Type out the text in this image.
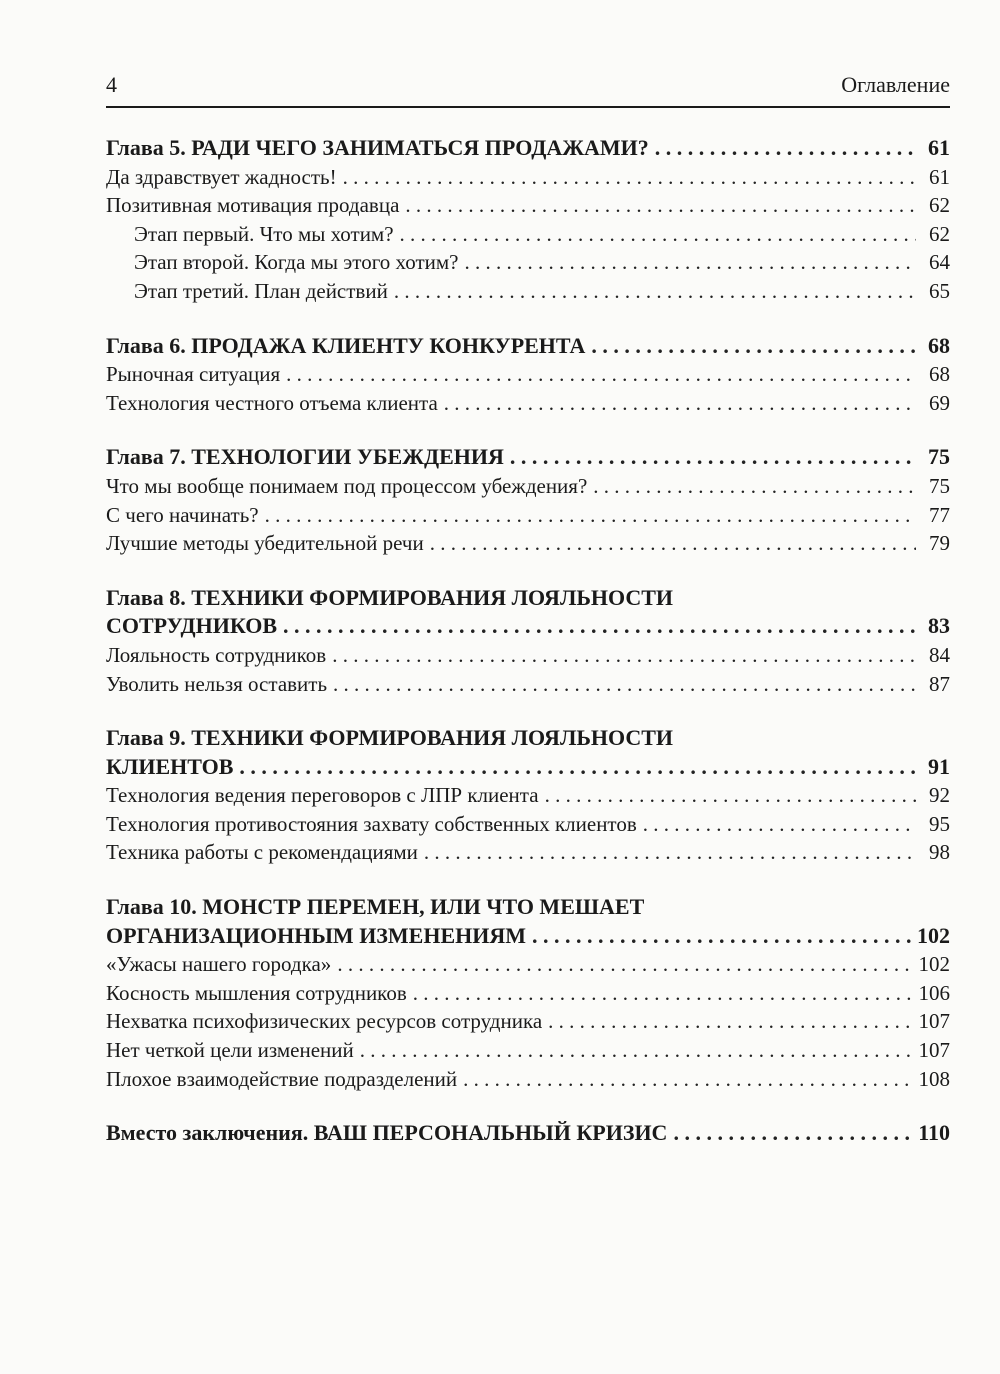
4	Оглавление
Глава 5. РАДИ ЧЕГО ЗАНИМАТЬСЯ ПРОДАЖАМИ? . . .	61
Да здравствует жадность! . . .	61
Позитивная мотивация продавца . . .	62
Этап первый. Что мы хотим? . . .	62
Этап второй. Когда мы этого хотим? . . .	64
Этап третий. План действий . . .	65
Глава 6. ПРОДАЖА КЛИЕНТУ КОНКУРЕНТА . . .	68
Рыночная ситуация . . .	68
Технология честного отъема клиента . . .	69
Глава 7. ТЕХНОЛОГИИ УБЕЖДЕНИЯ . . .	75
Что мы вообще понимаем под процессом убеждения? . . .	75
С чего начинать? . . .	77
Лучшие методы убедительной речи . . .	79
Глава 8. ТЕХНИКИ ФОРМИРОВАНИЯ ЛОЯЛЬНОСТИ
СОТРУДНИКОВ . . .	83
Лояльность сотрудников . . .	84
Уволить нельзя оставить . . .	87
Глава 9. ТЕХНИКИ ФОРМИРОВАНИЯ ЛОЯЛЬНОСТИ
КЛИЕНТОВ . . .	91
Технология ведения переговоров с ЛПР клиента . . .	92
Технология противостояния захвату собственных клиентов . . .	95
Техника работы с рекомендациями . . .	98
Глава 10. МОНСТР ПЕРЕМЕН, ИЛИ ЧТО МЕШАЕТ
ОРГАНИЗАЦИОННЫМ ИЗМЕНЕНИЯМ . . .	102
«Ужасы нашего городка» . . .	102
Косность мышления сотрудников . . .	106
Нехватка психофизических ресурсов сотрудника . . .	107
Нет четкой цели изменений . . .	107
Плохое взаимодействие подразделений . . .	108
Вместо заключения. ВАШ ПЕРСОНАЛЬНЫЙ КРИЗИС . . .	110
